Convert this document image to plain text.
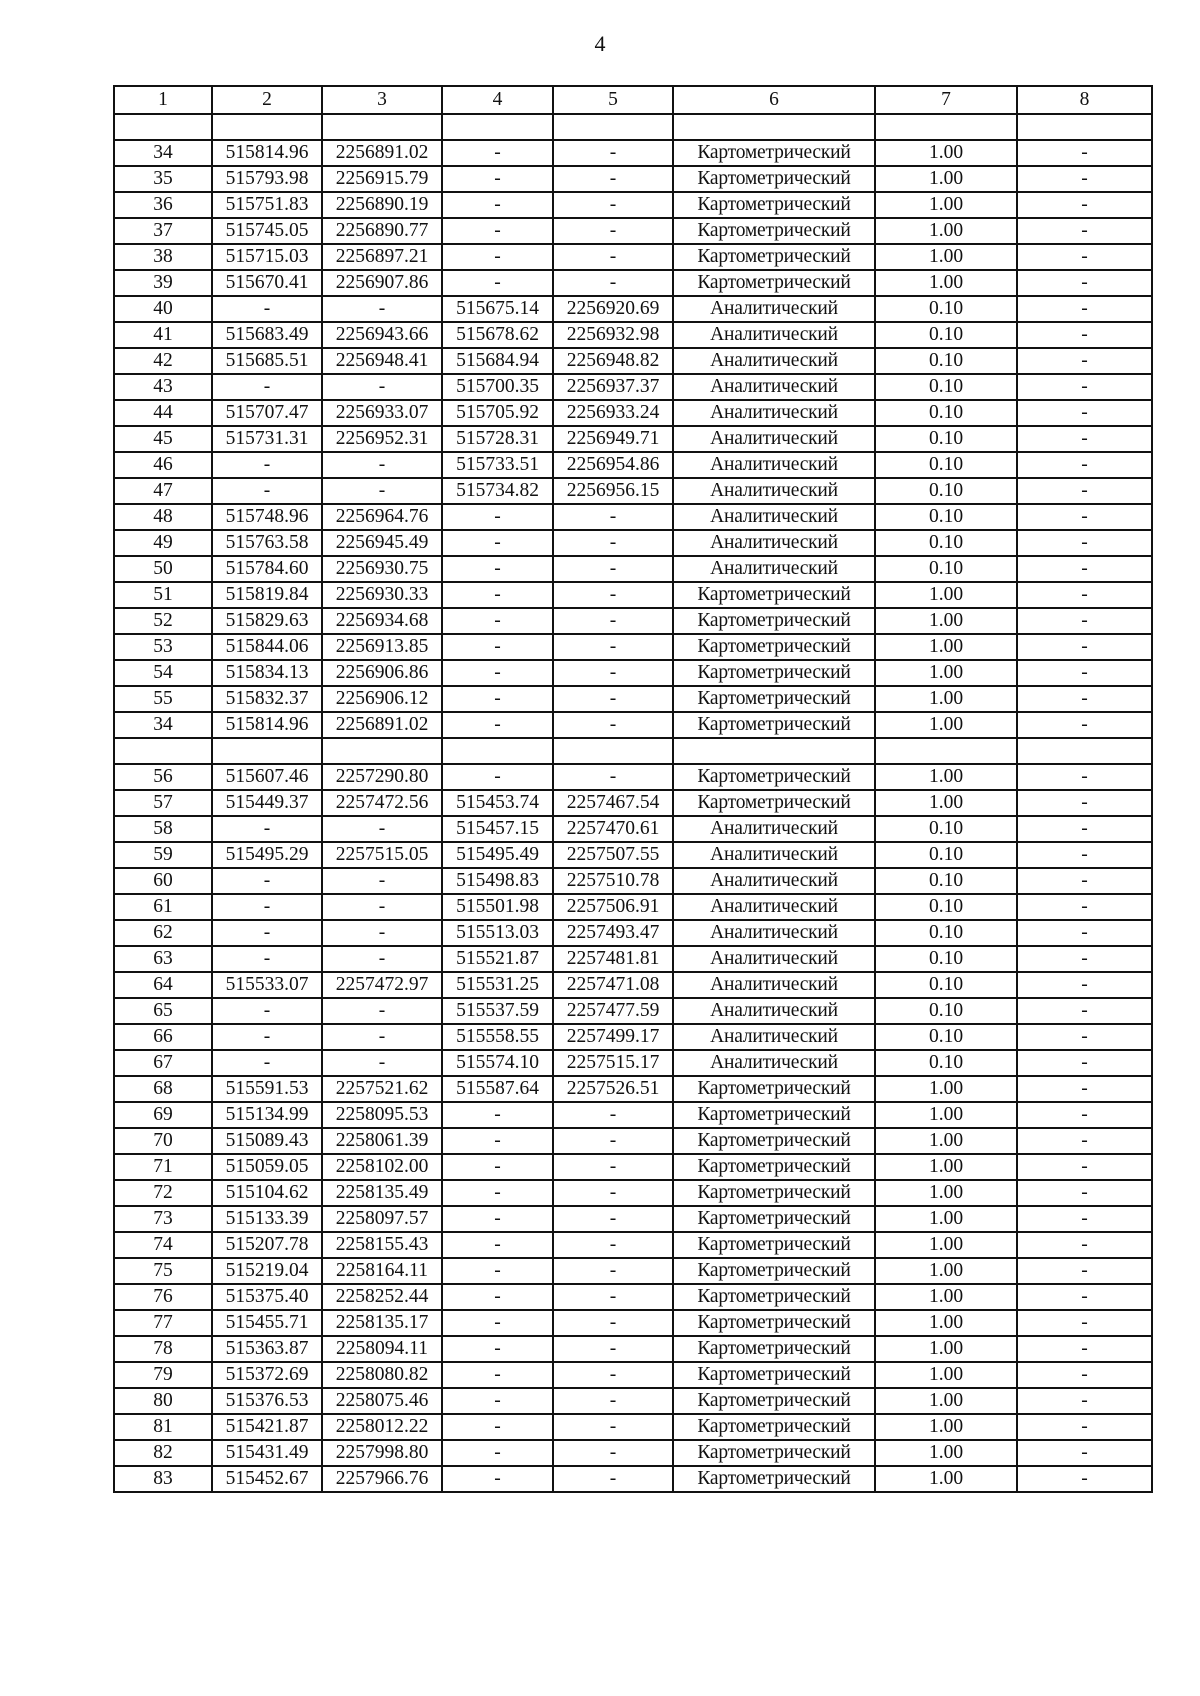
4
1	2	3	4	5	6	7	8

34	515814.96	2256891.02	-	-	Картометрический	1.00	-
35	515793.98	2256915.79	-	-	Картометрический	1.00	-
36	515751.83	2256890.19	-	-	Картометрический	1.00	-
37	515745.05	2256890.77	-	-	Картометрический	1.00	-
38	515715.03	2256897.21	-	-	Картометрический	1.00	-
39	515670.41	2256907.86	-	-	Картометрический	1.00	-
40	-	-	515675.14	2256920.69	Аналитический	0.10	-
41	515683.49	2256943.66	515678.62	2256932.98	Аналитический	0.10	-
42	515685.51	2256948.41	515684.94	2256948.82	Аналитический	0.10	-
43	-	-	515700.35	2256937.37	Аналитический	0.10	-
44	515707.47	2256933.07	515705.92	2256933.24	Аналитический	0.10	-
45	515731.31	2256952.31	515728.31	2256949.71	Аналитический	0.10	-
46	-	-	515733.51	2256954.86	Аналитический	0.10	-
47	-	-	515734.82	2256956.15	Аналитический	0.10	-
48	515748.96	2256964.76	-	-	Аналитический	0.10	-
49	515763.58	2256945.49	-	-	Аналитический	0.10	-
50	515784.60	2256930.75	-	-	Аналитический	0.10	-
51	515819.84	2256930.33	-	-	Картометрический	1.00	-
52	515829.63	2256934.68	-	-	Картометрический	1.00	-
53	515844.06	2256913.85	-	-	Картометрический	1.00	-
54	515834.13	2256906.86	-	-	Картометрический	1.00	-
55	515832.37	2256906.12	-	-	Картометрический	1.00	-
34	515814.96	2256891.02	-	-	Картометрический	1.00	-

56	515607.46	2257290.80	-	-	Картометрический	1.00	-
57	515449.37	2257472.56	515453.74	2257467.54	Картометрический	1.00	-
58	-	-	515457.15	2257470.61	Аналитический	0.10	-
59	515495.29	2257515.05	515495.49	2257507.55	Аналитический	0.10	-
60	-	-	515498.83	2257510.78	Аналитический	0.10	-
61	-	-	515501.98	2257506.91	Аналитический	0.10	-
62	-	-	515513.03	2257493.47	Аналитический	0.10	-
63	-	-	515521.87	2257481.81	Аналитический	0.10	-
64	515533.07	2257472.97	515531.25	2257471.08	Аналитический	0.10	-
65	-	-	515537.59	2257477.59	Аналитический	0.10	-
66	-	-	515558.55	2257499.17	Аналитический	0.10	-
67	-	-	515574.10	2257515.17	Аналитический	0.10	-
68	515591.53	2257521.62	515587.64	2257526.51	Картометрический	1.00	-
69	515134.99	2258095.53	-	-	Картометрический	1.00	-
70	515089.43	2258061.39	-	-	Картометрический	1.00	-
71	515059.05	2258102.00	-	-	Картометрический	1.00	-
72	515104.62	2258135.49	-	-	Картометрический	1.00	-
73	515133.39	2258097.57	-	-	Картометрический	1.00	-
74	515207.78	2258155.43	-	-	Картометрический	1.00	-
75	515219.04	2258164.11	-	-	Картометрический	1.00	-
76	515375.40	2258252.44	-	-	Картометрический	1.00	-
77	515455.71	2258135.17	-	-	Картометрический	1.00	-
78	515363.87	2258094.11	-	-	Картометрический	1.00	-
79	515372.69	2258080.82	-	-	Картометрический	1.00	-
80	515376.53	2258075.46	-	-	Картометрический	1.00	-
81	515421.87	2258012.22	-	-	Картометрический	1.00	-
82	515431.49	2257998.80	-	-	Картометрический	1.00	-
83	515452.67	2257966.76	-	-	Картометрический	1.00	-
